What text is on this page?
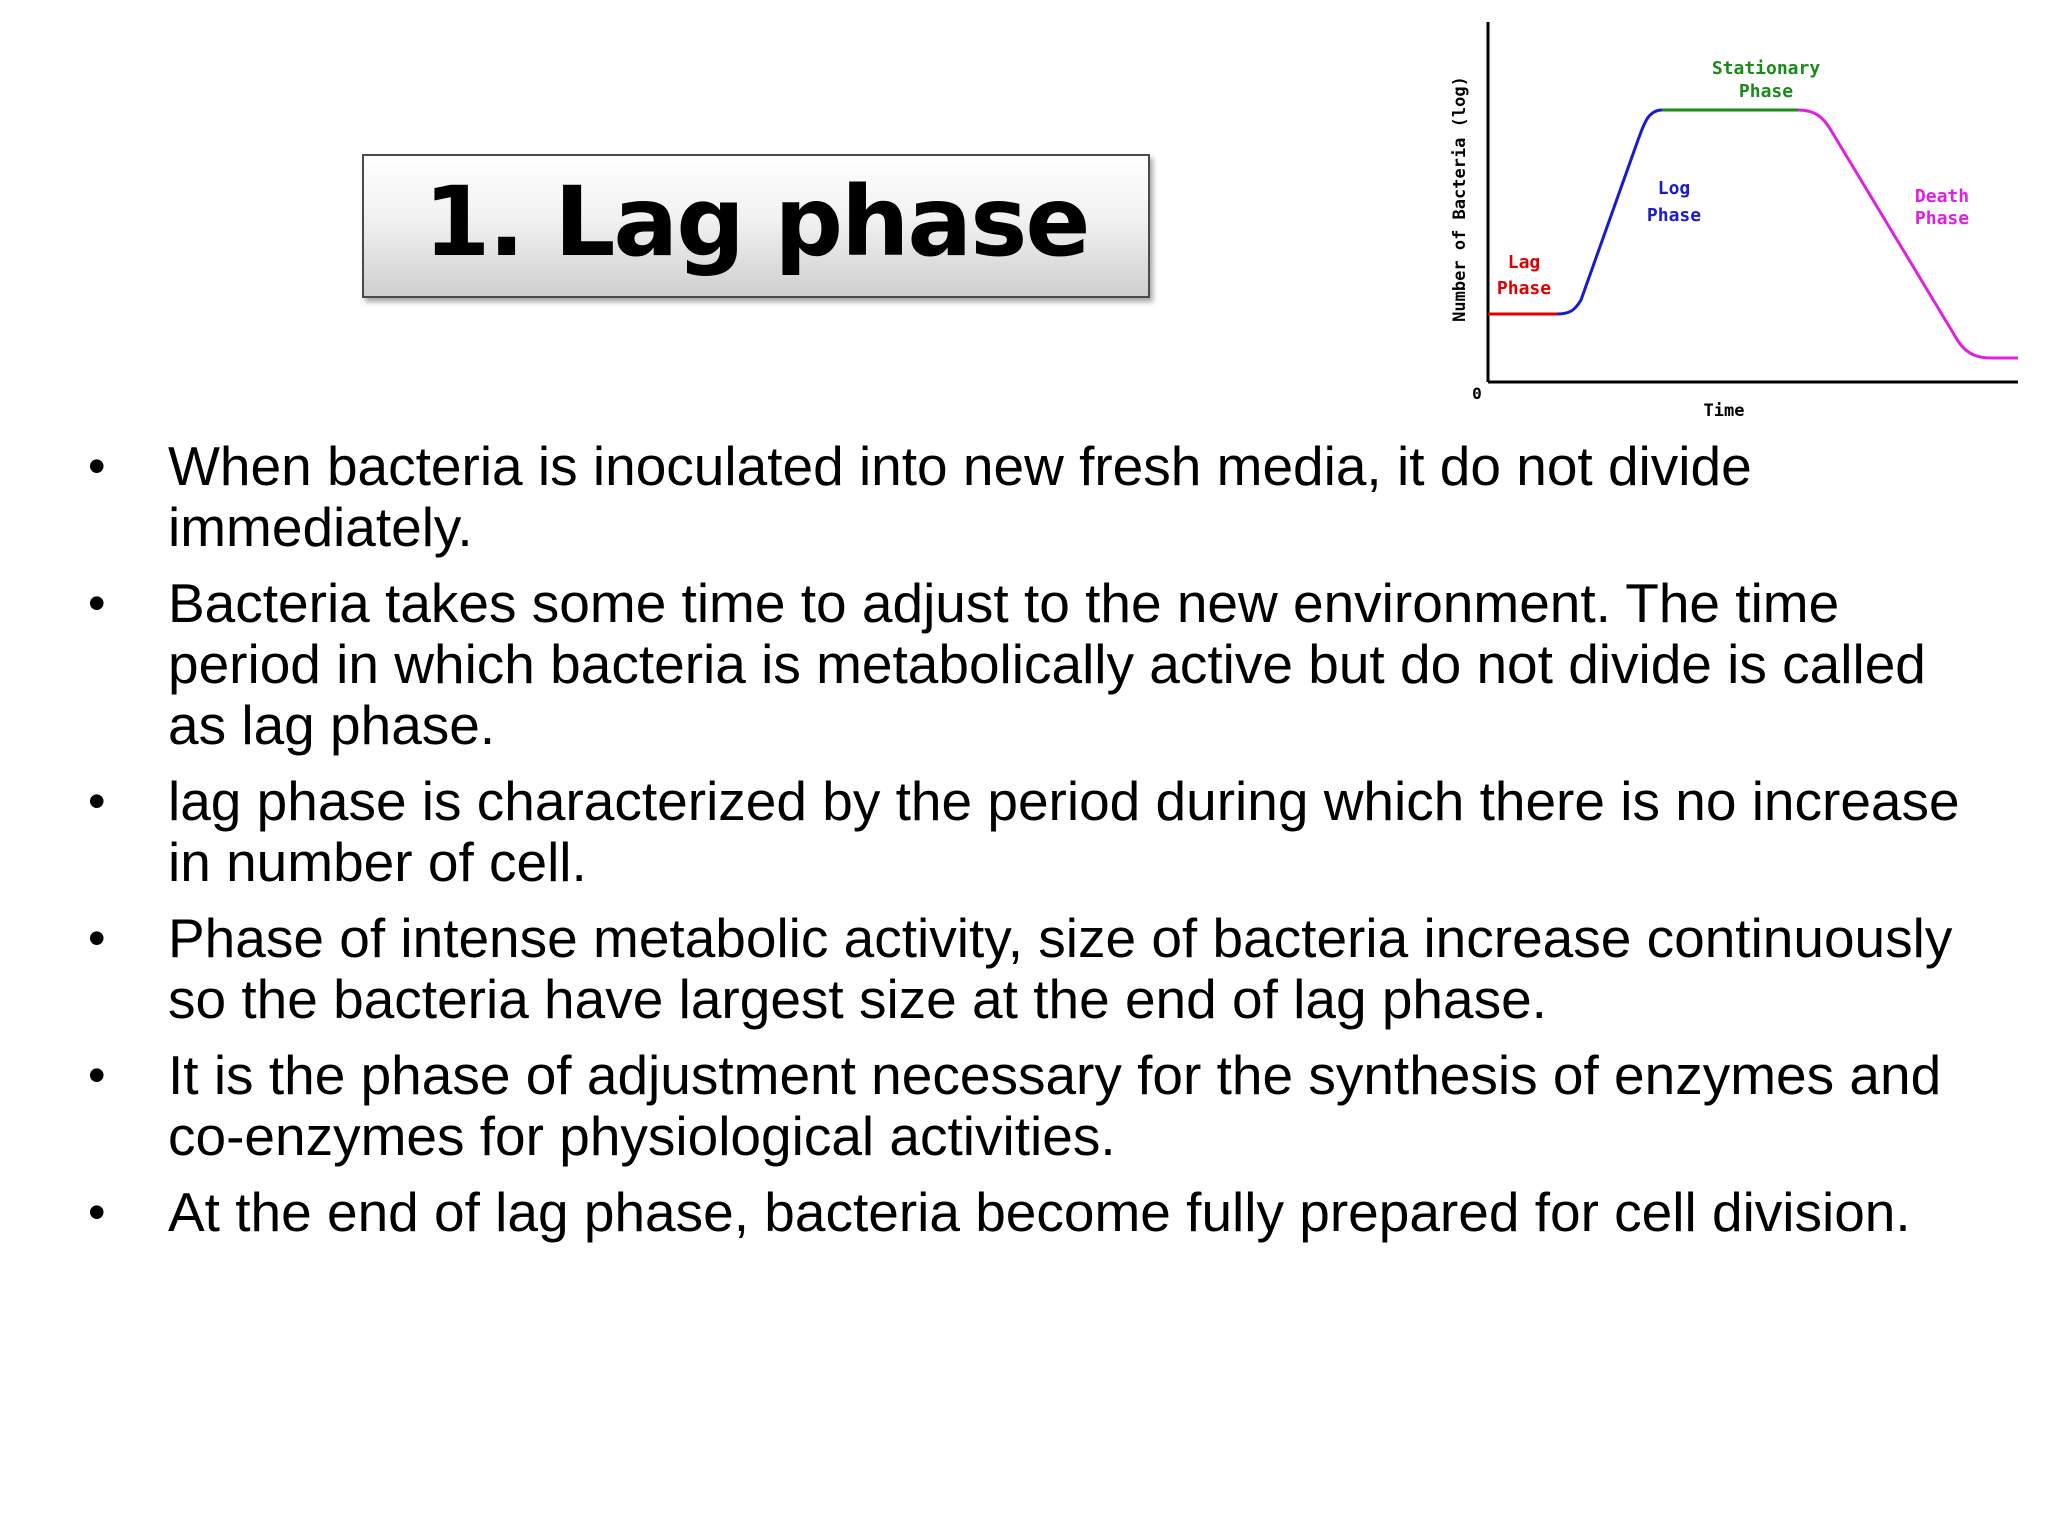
1. Lag phase	Number of Bacteria (log)
Time
0
Lag
Phase
Log
Phase
Stationary
Phase
Death
Phase
• When bacteria is inoculated into new fresh media, it do not divide immediately.
• Bacteria takes some time to adjust to the new environment. The time period in which bacteria is metabolically active but do not divide is called as lag phase.
• lag phase is characterized by the period during which there is no increase in number of cell.
• Phase of intense metabolic activity, size of bacteria increase continuously so the bacteria have largest size at the end of lag phase.
• It is the phase of adjustment necessary for the synthesis of enzymes and co-enzymes for physiological activities.
• At the end of lag phase, bacteria become fully prepared for cell division.
